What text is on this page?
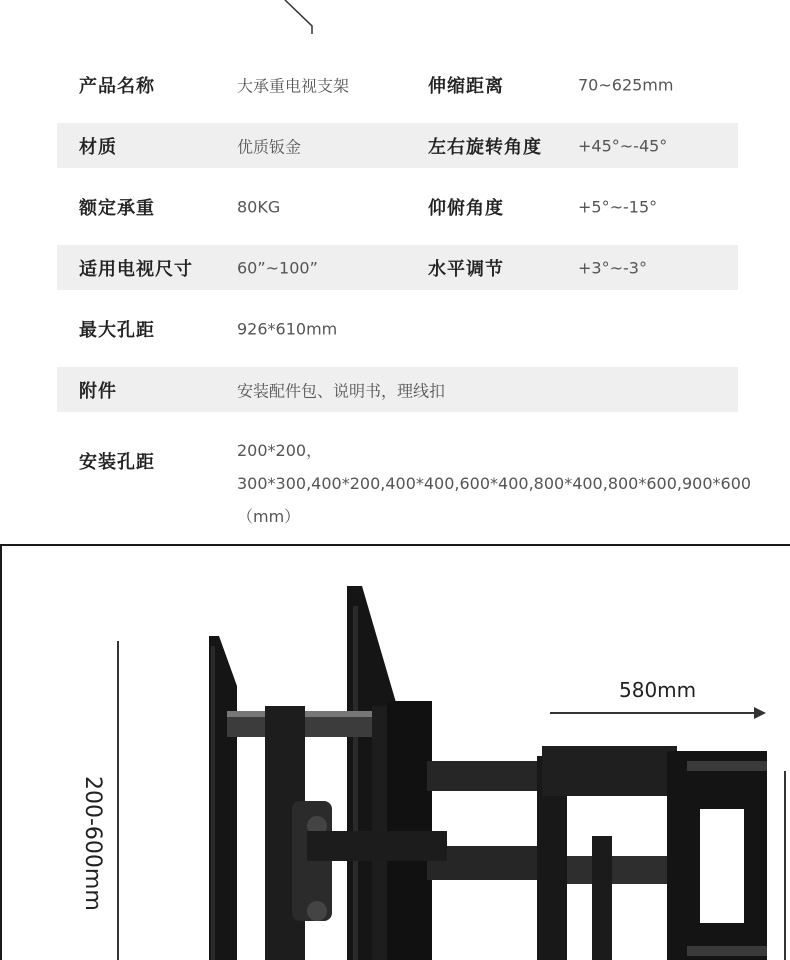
产品名称	大承重电视支架	伸缩距离	70~625mm
材质	优质钣金	左右旋转角度 +45°~-45°
额定承重	80KG	仰俯角度	+5°~-15°
适用电视尺寸	60”~100”	水平调节	+3°~-3°
最大孔距	926*610mm
附件	安装配件包、说明书，理线扣
安装孔距
200*200，300*300,400*200,400*400,600*400,800*400,800*600,900*600（mm）
200-600mm
580mm
